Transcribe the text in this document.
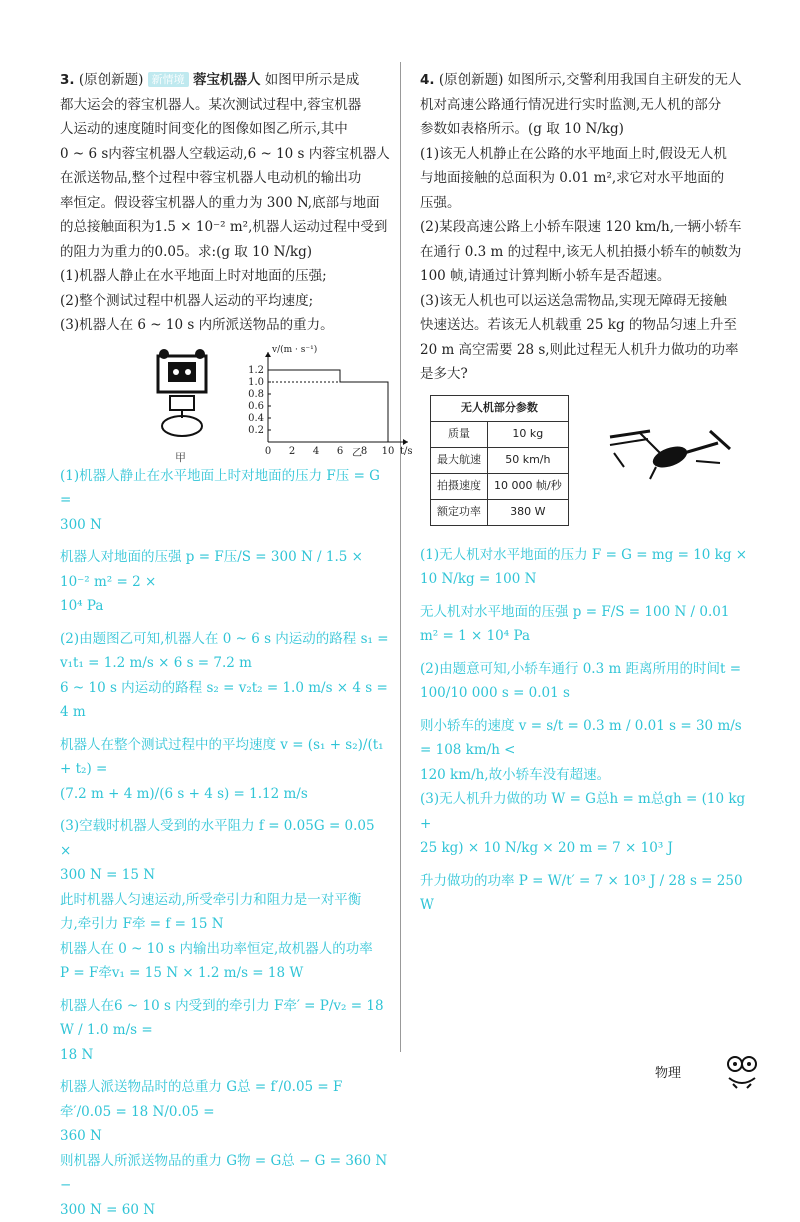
3. (原创新题) 新情境 蓉宝机器人 如图甲所示是成

都大运会的蓉宝机器人。某次测试过程中,蓉宝机器

人运动的速度随时间变化的图像如图乙所示,其中

0 ~ 6 s内蓉宝机器人空载运动,6 ~ 10 s 内蓉宝机器人

在派送物品,整个过程中蓉宝机器人电动机的输出功

率恒定。假设蓉宝机器人的重力为 300 N,底部与地面

的总接触面积为1.5 × 10⁻² m²,机器人运动过程中受到

的阻力为重力的0.05。求:(g 取 10 N/kg)

(1)机器人静止在水平地面上时对地面的压强;

(2)整个测试过程中机器人运动的平均速度;

(3)机器人在 6 ~ 10 s 内所派送物品的重力。

甲	0 2 4 6 8 10
0.2
0.4
0.6
0.8
1.0
1.2
v/(m · s⁻¹)
t/s
乙

(1)机器人静止在水平地面上时对地面的压力 F压 = G =

300 N

机器人对地面的压强 p = F压/S = 300 N / 1.5 × 10⁻² m² = 2 ×

10⁴ Pa

(2)由题图乙可知,机器人在 0 ~ 6 s 内运动的路程 s₁ =

v₁t₁ = 1.2 m/s × 6 s = 7.2 m

6 ~ 10 s 内运动的路程 s₂ = v₂t₂ = 1.0 m/s × 4 s = 4 m

机器人在整个测试过程中的平均速度 v = (s₁ + s₂)/(t₁ + t₂) =

(7.2 m + 4 m)/(6 s + 4 s) = 1.12 m/s

(3)空载时机器人受到的水平阻力 f = 0.05G = 0.05 ×

300 N = 15 N

此时机器人匀速运动,所受牵引力和阻力是一对平衡

力,牵引力 F牵 = f = 15 N

机器人在 0 ~ 10 s 内输出功率恒定,故机器人的功率

P = F牵v₁ = 15 N × 1.2 m/s = 18 W

机器人在6 ~ 10 s 内受到的牵引力 F牵′ = P/v₂ = 18 W / 1.0 m/s =

18 N

机器人派送物品时的总重力 G总 = f′/0.05 = F牵′/0.05 = 18 N/0.05 =

360 N

则机器人所派送物品的重力 G物 = G总 − G = 360 N −

300 N = 60 N

4. (原创新题) 如图所示,交警利用我国自主研发的无人

机对高速公路通行情况进行实时监测,无人机的部分

参数如表格所示。(g 取 10 N/kg)

(1)该无人机静止在公路的水平地面上时,假设无人机

与地面接触的总面积为 0.01 m²,求它对水平地面的

压强。

(2)某段高速公路上小轿车限速 120 km/h,一辆小轿车

在通行 0.3 m 的过程中,该无人机拍摄小轿车的帧数为

100 帧,请通过计算判断小轿车是否超速。

(3)该无人机也可以运送急需物品,实现无障碍无接触

快速送达。若该无人机载重 25 kg 的物品匀速上升至

20 m 高空需要 28 s,则此过程无人机升力做功的功率

是多大?

无人机部分参数	
质量	10 kg
最大航速	50 km/h
拍摄速度	10 000 帧/秒
额定功率	380 W

(1)无人机对水平地面的压力 F = G = mg = 10 kg ×

10 N/kg = 100 N

无人机对水平地面的压强 p = F/S = 100 N / 0.01 m² = 1 × 10⁴ Pa

(2)由题意可知,小轿车通行 0.3 m 距离所用的时间t =

100/10 000 s = 0.01 s

则小轿车的速度 v = s/t = 0.3 m / 0.01 s = 30 m/s = 108 km/h <

120 km/h,故小轿车没有超速。

(3)无人机升力做的功 W = G总h = m总gh = (10 kg +

25 kg) × 10 N/kg × 20 m = 7 × 10³ J

升力做功的功率 P = W/t′ = 7 × 10³ J / 28 s = 250 W

物理
